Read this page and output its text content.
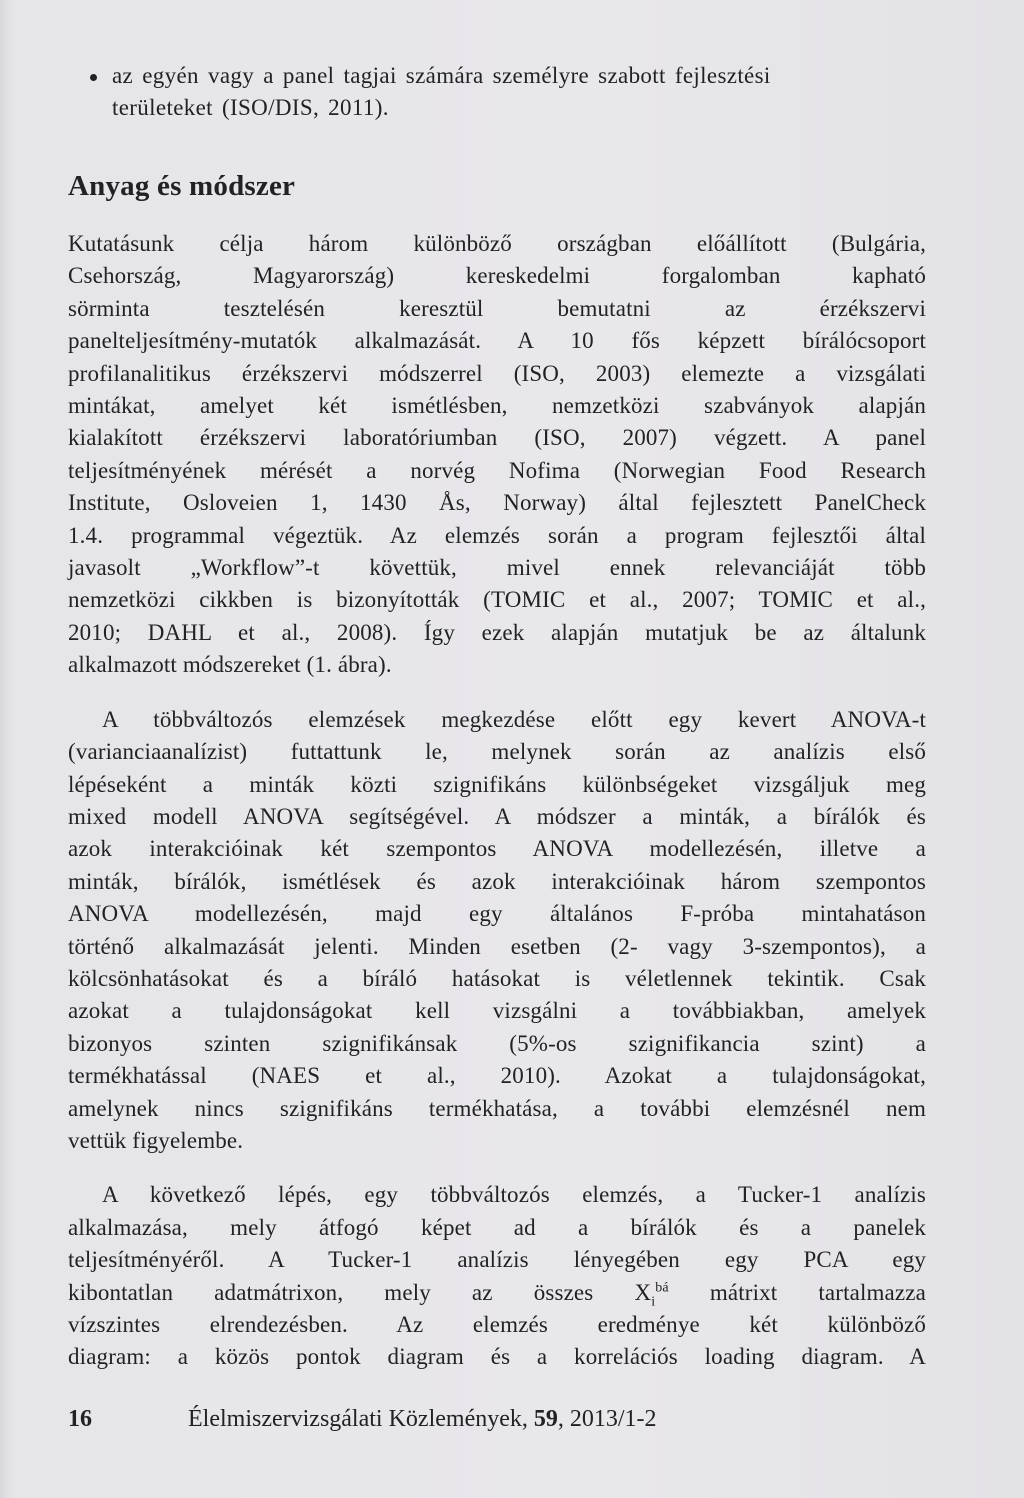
az egyén vagy a panel tagjai számára személyre szabott fejlesztési
területeket (ISO/DIS, 2011).
Anyag és módszer

Kutatásunk célja három különböző országban előállított (Bulgária,
Csehország, Magyarország) kereskedelmi forgalomban kapható
sörminta tesztelésén keresztül bemutatni az érzékszervi
panelteljesítmény-mutatók alkalmazását. A 10 fős képzett bírálócsoport
profilanalitikus érzékszervi módszerrel (ISO, 2003) elemezte a vizsgálati
mintákat, amelyet két ismétlésben, nemzetközi szabványok alapján
kialakított érzékszervi laboratóriumban (ISO, 2007) végzett. A panel
teljesítményének mérését a norvég Nofima (Norwegian Food Research
Institute, Osloveien 1, 1430 Ås, Norway) által fejlesztett PanelCheck
1.4. programmal végeztük. Az elemzés során a program fejlesztői által
javasolt „Workflow”-t követtük, mivel ennek relevanciáját több
nemzetközi cikkben is bizonyították (TOMIC et al., 2007; TOMIC et al.,
2010; DAHL et al., 2008). Így ezek alapján mutatjuk be az általunk
alkalmazott módszereket (1. ábra).

A többváltozós elemzések megkezdése előtt egy kevert ANOVA-t
(varianciaanalízist) futtattunk le, melynek során az analízis első
lépéseként a minták közti szignifikáns különbségeket vizsgáljuk meg
mixed modell ANOVA segítségével. A módszer a minták, a bírálók és
azok interakcióinak két szempontos ANOVA modellezésén, illetve a
minták, bírálók, ismétlések és azok interakcióinak három szempontos
ANOVA modellezésén, majd egy általános F-próba mintahatáson
történő alkalmazását jelenti. Minden esetben (2- vagy 3-szempontos), a
kölcsönhatásokat és a bíráló hatásokat is véletlennek tekintik. Csak
azokat a tulajdonságokat kell vizsgálni a továbbiakban, amelyek
bizonyos szinten szignifikánsak (5%-os szignifikancia szint) a
termékhatással (NAES et al., 2010). Azokat a tulajdonságokat,
amelynek nincs szignifikáns termékhatása, a további elemzésnél nem
vettük figyelembe.

A következő lépés, egy többváltozós elemzés, a Tucker-1 analízis
alkalmazása, mely átfogó képet ad a bírálók és a panelek
teljesítményéről. A Tucker-1 analízis lényegében egy PCA egy
kibontatlan adatmátrixon, mely az összes $X_i^{bá}$ mátrixt tartalmazza
vízszintes elrendezésben. Az elemzés eredménye két különböző
diagram: a közös pontok diagram és a korrelációs loading diagram. A

16	Élelmiszervizsgálati Közlemények, 59, 2013/1-2
